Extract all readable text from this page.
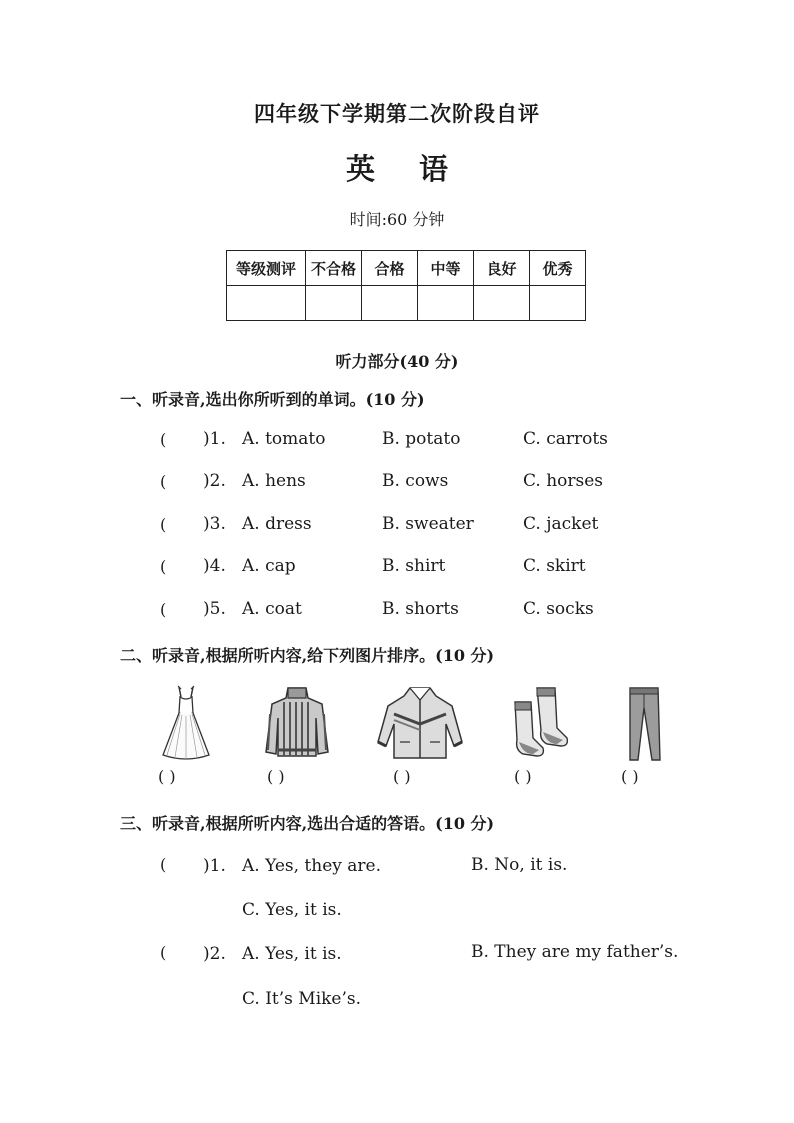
四年级下学期第二次阶段自评
英语
时间:60 分钟
等级测评	不合格	合格	中等	良好	优秀

听力部分(40 分)
一、听录音,选出你所听到的单词。(10 分)
( )1. A. tomato	B. potato	C. carrots
( )2. A. hens	B. cows	C. horses
( )3. A. dress	B. sweater	C. jacket
( )4. A. cap	B. shirt	C. skirt
( )5. A. coat	B. shorts	C. socks
二、听录音,根据所听内容,给下列图片排序。(10 分)
( )	( )	( )	( )	( )
三、听录音,根据所听内容,选出合适的答语。(10 分)
( )1. A. Yes, they are.	B. No, it is.
C. Yes, it is.
( )2. A. Yes, it is.	B. They are my father’s.
C. It’s Mike’s.
